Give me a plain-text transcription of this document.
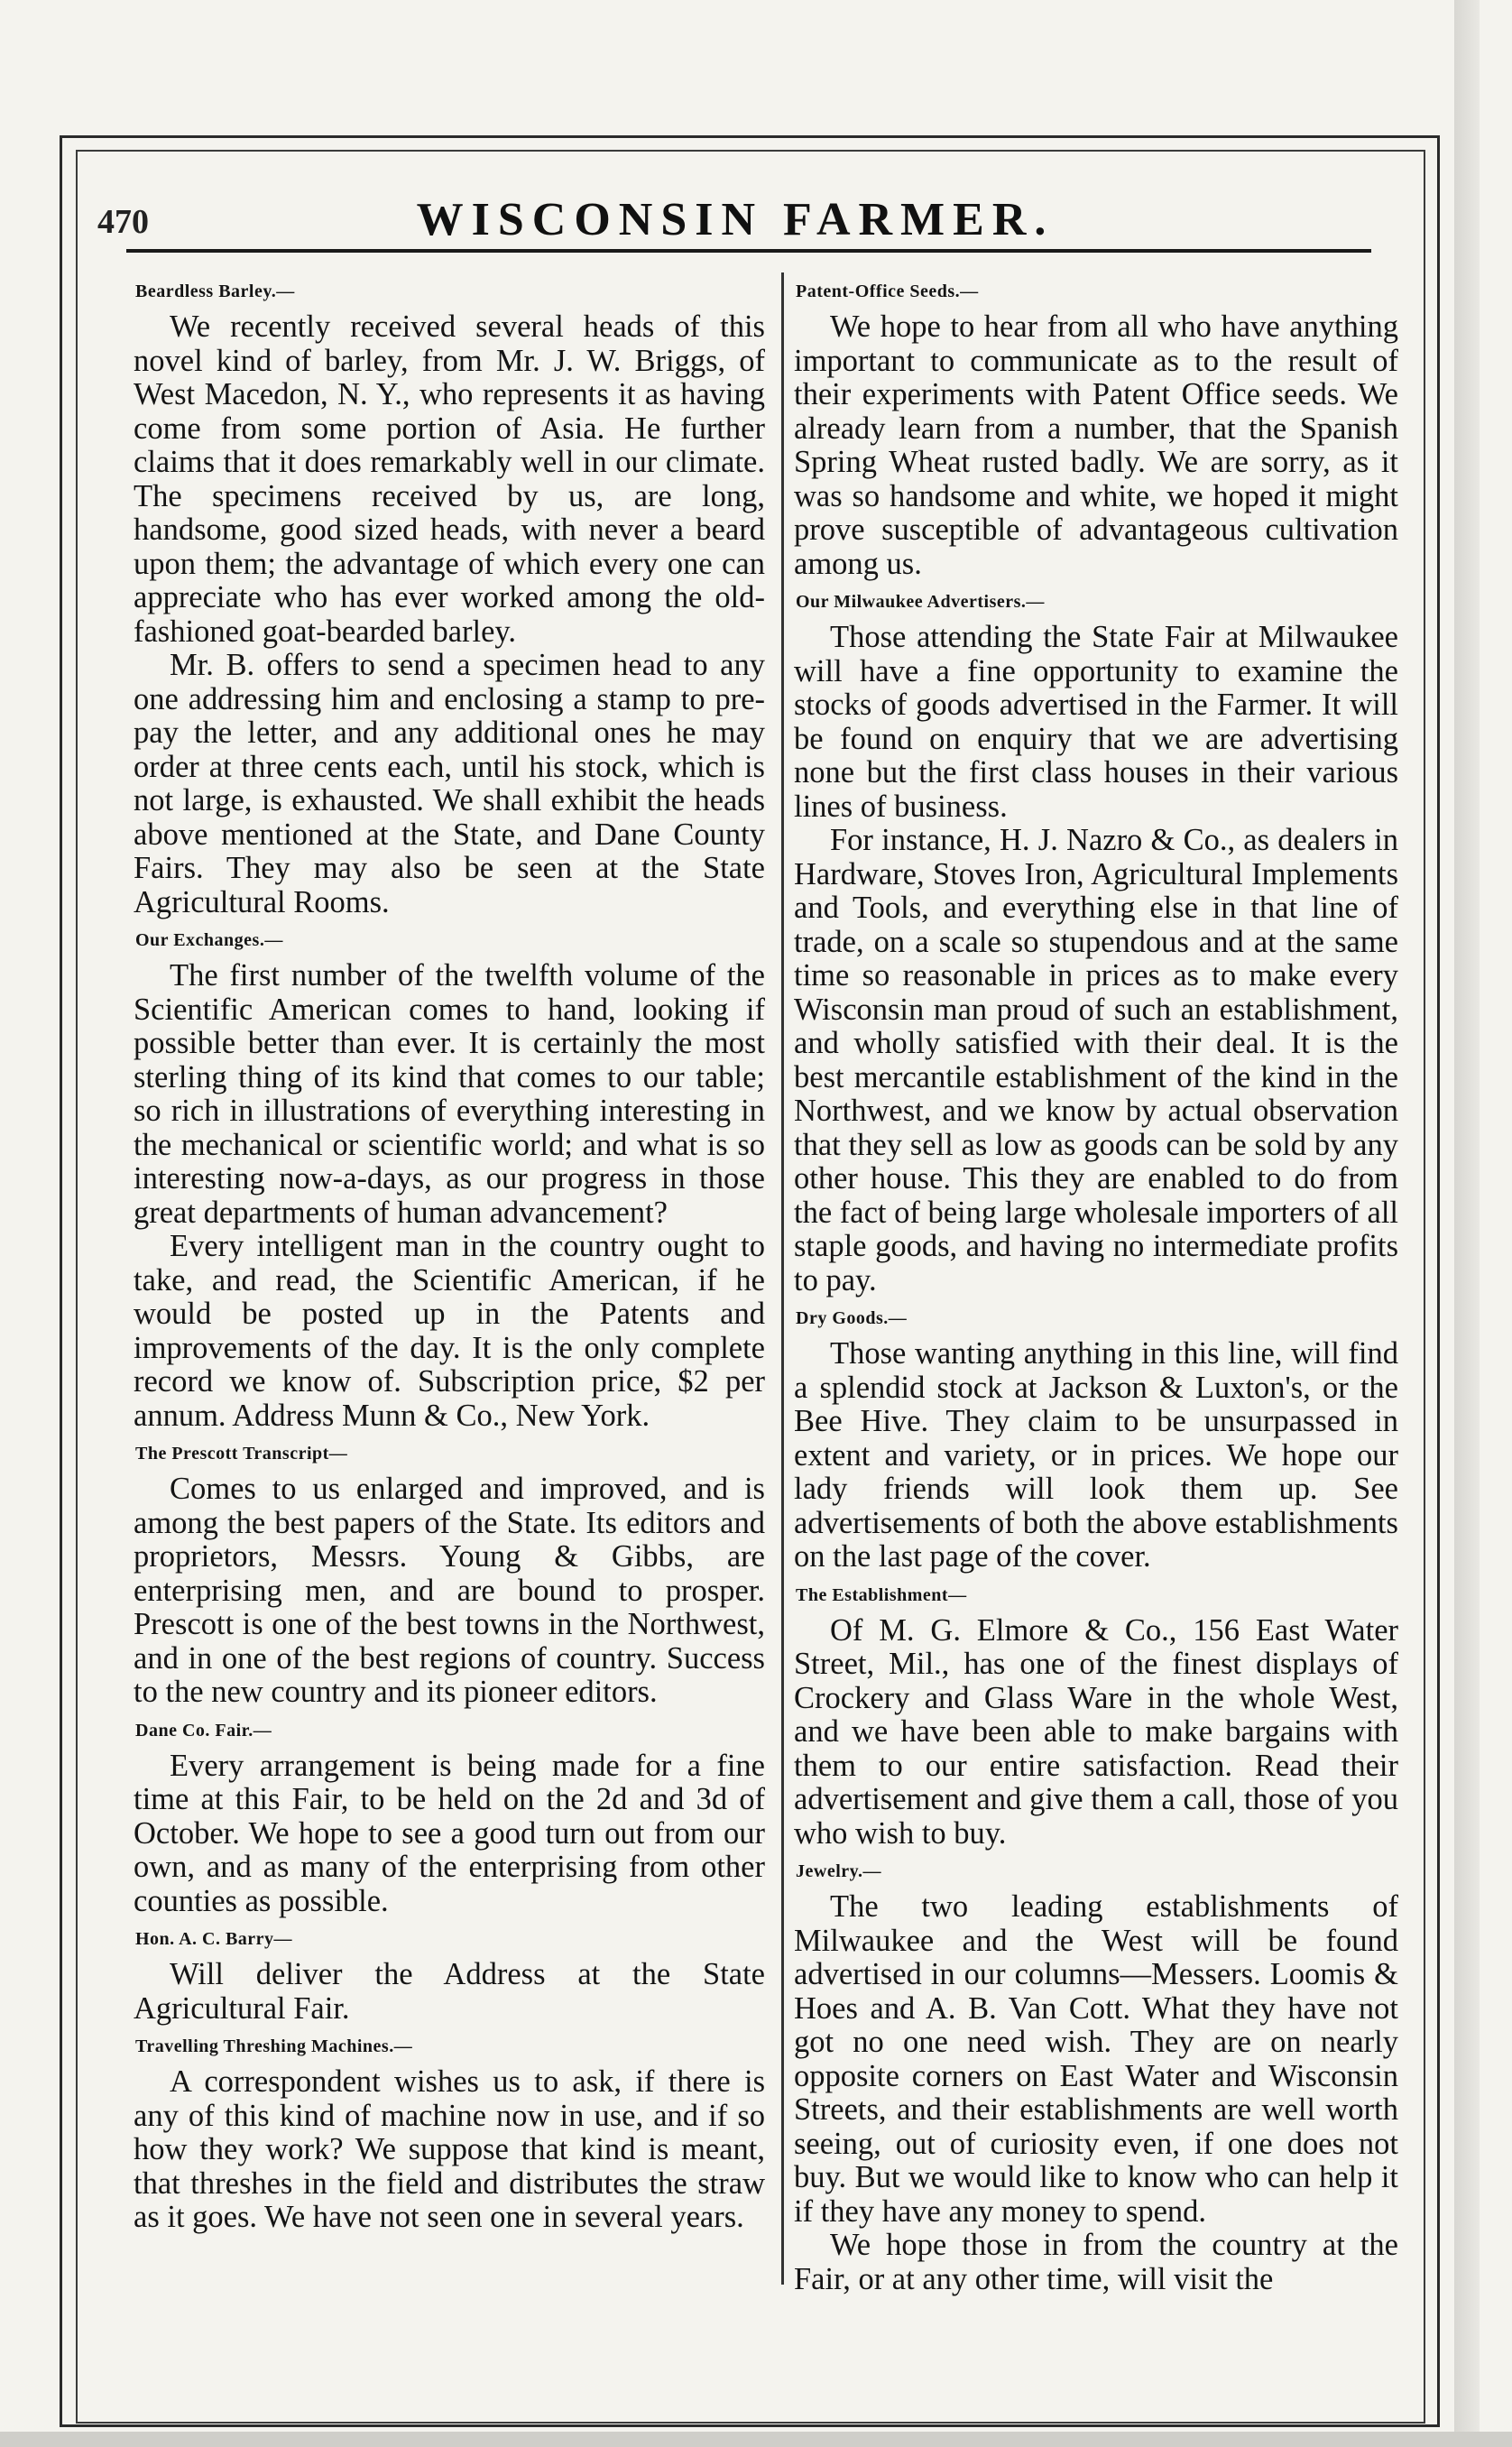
470	WISCONSIN FARMER.
Beardless Barley.—

We recently received several heads of this novel kind of barley, from Mr. J. W. Briggs, of West Macedon, N. Y., who represents it as having come from some portion of Asia. He further claims that it does remarkably well in our climate. The specimens received by us, are long, handsome, good sized heads, with never a beard upon them; the advantage of which every one can appreciate who has ever worked among the old-fashioned goat-bearded barley.

Mr. B. offers to send a specimen head to any one addressing him and enclosing a stamp to pre-pay the letter, and any additional ones he may order at three cents each, until his stock, which is not large, is exhausted. We shall exhibit the heads above mentioned at the State, and Dane County Fairs. They may also be seen at the State Agricultural Rooms.

Our Exchanges.—

The first number of the twelfth volume of the Scientific American comes to hand, looking if possible better than ever. It is certainly the most sterling thing of its kind that comes to our table; so rich in illustrations of everything interesting in the mechanical or scientific world; and what is so interesting now-a-days, as our progress in those great departments of human advancement?

Every intelligent man in the country ought to take, and read, the Scientific American, if he would be posted up in the Patents and improvements of the day. It is the only complete record we know of. Subscription price, $2 per annum. Address Munn & Co., New York.

The Prescott Transcript—

Comes to us enlarged and improved, and is among the best papers of the State. Its editors and proprietors, Messrs. Young & Gibbs, are enterprising men, and are bound to prosper. Prescott is one of the best towns in the Northwest, and in one of the best regions of country. Success to the new country and its pioneer editors.

Dane Co. Fair.—

Every arrangement is being made for a fine time at this Fair, to be held on the 2d and 3d of October. We hope to see a good turn out from our own, and as many of the enterprising from other counties as possible.

Hon. A. C. Barry—

Will deliver the Address at the State Agricultural Fair.

Travelling Threshing Machines.—

A correspondent wishes us to ask, if there is any of this kind of machine now in use, and if so how they work? We suppose that kind is meant, that threshes in the field and distributes the straw as it goes. We have not seen one in several years.

Patent-Office Seeds.—

We hope to hear from all who have anything important to communicate as to the result of their experiments with Patent Office seeds. We already learn from a number, that the Spanish Spring Wheat rusted badly. We are sorry, as it was so handsome and white, we hoped it might prove susceptible of advantageous cultivation among us.

Our Milwaukee Advertisers.—

Those attending the State Fair at Milwaukee will have a fine opportunity to examine the stocks of goods advertised in the Farmer. It will be found on enquiry that we are advertising none but the first class houses in their various lines of business.

For instance, H. J. Nazro & Co., as dealers in Hardware, Stoves Iron, Agricultural Implements and Tools, and everything else in that line of trade, on a scale so stupendous and at the same time so reasonable in prices as to make every Wisconsin man proud of such an establishment, and wholly satisfied with their deal. It is the best mercantile establishment of the kind in the Northwest, and we know by actual observation that they sell as low as goods can be sold by any other house. This they are enabled to do from the fact of being large wholesale importers of all staple goods, and having no intermediate profits to pay.

Dry Goods.—

Those wanting anything in this line, will find a splendid stock at Jackson & Luxton's, or the Bee Hive. They claim to be unsurpassed in extent and variety, or in prices. We hope our lady friends will look them up. See advertisements of both the above establishments on the last page of the cover.

The Establishment—

Of M. G. Elmore & Co., 156 East Water Street, Mil., has one of the finest displays of Crockery and Glass Ware in the whole West, and we have been able to make bargains with them to our entire satisfaction. Read their advertisement and give them a call, those of you who wish to buy.

Jewelry.—

The two leading establishments of Milwaukee and the West will be found advertised in our columns—Messers. Loomis & Hoes and A. B. Van Cott. What they have not got no one need wish. They are on nearly opposite corners on East Water and Wisconsin Streets, and their establishments are well worth seeing, out of curiosity even, if one does not buy. But we would like to know who can help it if they have any money to spend.

We hope those in from the country at the Fair, or at any other time, will visit the
